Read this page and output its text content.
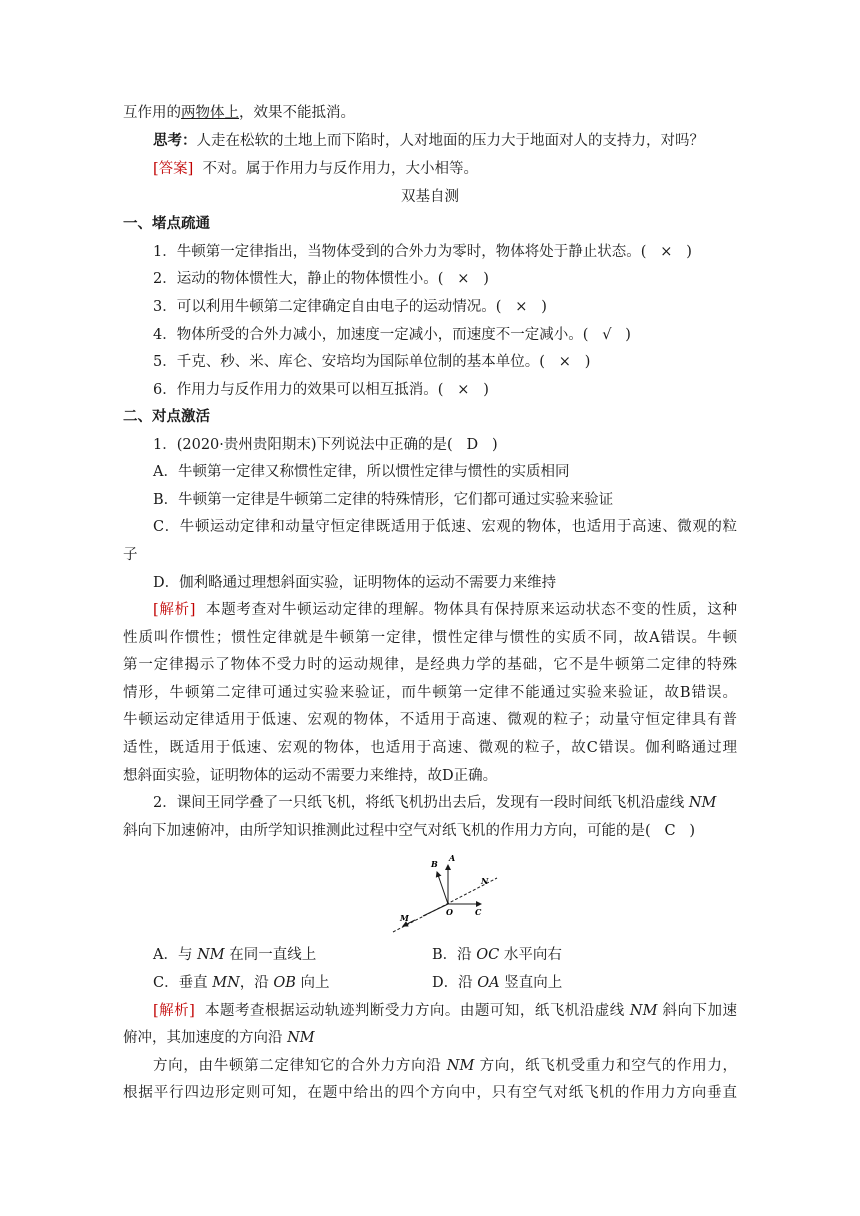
互作用的两物体上，效果不能抵消。
思考：人走在松软的土地上而下陷时，人对地面的压力大于地面对人的支持力，对吗？
[答案] 不对。属于作用力与反作用力，大小相等。
双基自测
一、堵点疏通
1．牛顿第一定律指出，当物体受到的合外力为零时，物体将处于静止状态。( × )
2．运动的物体惯性大，静止的物体惯性小。( × )
3．可以利用牛顿第二定律确定自由电子的运动情况。( × )
4．物体所受的合外力减小，加速度一定减小，而速度不一定减小。( √ )
5．千克、秒、米、库仑、安培均为国际单位制的基本单位。( × )
6．作用力与反作用力的效果可以相互抵消。( × )
二、对点激活
1．(2020·贵州贵阳期末)下列说法中正确的是( D )
A．牛顿第一定律又称惯性定律，所以惯性定律与惯性的实质相同
B．牛顿第一定律是牛顿第二定律的特殊情形，它们都可通过实验来验证
C．牛顿运动定律和动量守恒定律既适用于低速、宏观的物体，也适用于高速、微观的粒
子
D．伽利略通过理想斜面实验，证明物体的运动不需要力来维持
[解析] 本题考查对牛顿运动定律的理解。物体具有保持原来运动状态不变的性质，这种
性质叫作惯性；惯性定律就是牛顿第一定律，惯性定律与惯性的实质不同，故A错误。牛顿
第一定律揭示了物体不受力时的运动规律，是经典力学的基础，它不是牛顿第二定律的特殊
情形，牛顿第二定律可通过实验来验证，而牛顿第一定律不能通过实验来验证，故B错误。
牛顿运动定律适用于低速、宏观的物体，不适用于高速、微观的粒子；动量守恒定律具有普
适性，既适用于低速、宏观的物体，也适用于高速、微观的粒子，故C错误。伽利略通过理
想斜面实验，证明物体的运动不需要力来维持，故D正确。
2．课间王同学叠了一只纸飞机，将纸飞机扔出去后，发现有一段时间纸飞机沿虚线 NM
斜向下加速俯冲，由所学知识推测此过程中空气对纸飞机的作用力方向，可能的是( C )
A
B
N
O	C
M
A．与 NM 在同一直线上	B．沿 OC 水平向右
C．垂直 MN，沿 OB 向上	D．沿 OA 竖直向上
[解析] 本题考查根据运动轨迹判断受力方向。由题可知，纸飞机沿虚线 NM 斜向下加速
俯冲，其加速度的方向沿 NM
方向，由牛顿第二定律知它的合外力方向沿 NM 方向，纸飞机受重力和空气的作用力，
根据平行四边形定则可知，在题中给出的四个方向中，只有空气对纸飞机的作用力方向垂直
